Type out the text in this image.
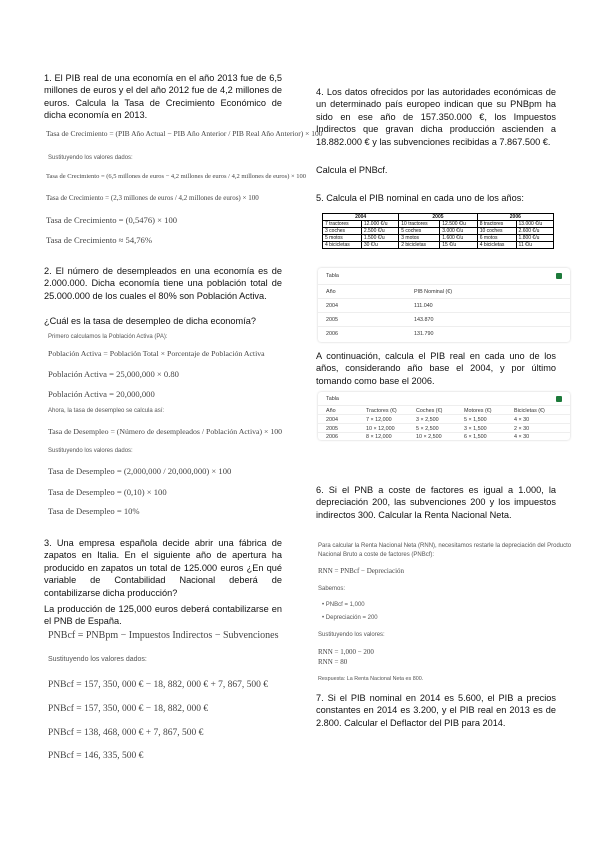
1. El PIB real de una economía en el año 2013 fue de 6,5 millones de euros y el del año 2012 fue de 4,2 millones de euros. Calcula la Tasa de Crecimiento Económico de dicha economía en 2013.
Tasa de Crecimiento = (PIB Año Actual − PIB Año Anterior / PIB Real Año Anterior) × 100
Sustituyendo los valores dados:
Tasa de Crecimiento = (6,5 millones de euros − 4,2 millones de euros / 4,2 millones de euros) × 100
Tasa de Crecimiento = (2,3 millones de euros / 4,2 millones de euros) × 100
Tasa de Crecimiento = (0,5476) × 100
Tasa de Crecimiento ≈ 54,76%
2. El número de desempleados en una economía es de 2.000.000. Dicha economía tiene una población total de 25.000.000 de los cuales el 80% son Población Activa.
¿Cuál es la tasa de desempleo de dicha economía?
Primero calculamos la Población Activa (PA):
Población Activa = Población Total × Porcentaje de Población Activa
Población Activa = 25,000,000 × 0.80
Población Activa = 20,000,000
Ahora, la tasa de desempleo se calcula así:
Tasa de Desempleo = (Número de desempleados / Población Activa) × 100
Sustituyendo los valores dados:
Tasa de Desempleo = (2,000,000 / 20,000,000) × 100
Tasa de Desempleo = (0,10) × 100
Tasa de Desempleo = 10%
3. Una empresa española decide abrir una fábrica de zapatos en Italia. En el siguiente año de apertura ha producido en zapatos un total de 125.000 euros ¿En qué variable de Contabilidad Nacional deberá de contabilizarse dicha producción?
La producción de 125,000 euros deberá contabilizarse en el PNB de España.
PNBcf = PNBpm − Impuestos Indirectos − Subvenciones
Sustituyendo los valores dados:
PNBcf = 157, 350, 000 € − 18, 882, 000 € + 7, 867, 500 €
PNBcf = 157, 350, 000 € − 18, 882, 000 €
PNBcf = 138, 468, 000 € + 7, 867, 500 €
PNBcf = 146, 335, 500 €
4. Los datos ofrecidos por las autoridades económicas de un determinado país europeo indican que su PNBpm ha sido en ese año de 157.350.000 €, los Impuestos Indirectos que gravan dicha producción ascienden a 18.882.000 € y las subvenciones recibidas a 7.867.500 €.
Calcula el PNBcf.
5. Calcula el PIB nominal en cada uno de los años:
2004		2005		2006	
7 tractores	12.000 €/u	10 tractores	12.500 €/u	8 tractores	13.000 €/u
3 coches	2.500 €/u	5 coches	3.000 €/u	10 coches	2.600 €/u
5 motos	1.500 €/u	3 motos	1.600 €/u	6 motos	1.800 €/u
4 bicicletas	30 €/u	2 bicicletas	15 €/u	4 bicicletas	11 €/u
Tabla
Año	PIB Nominal (€)
2004	111.040
2005	143.870
2006	131.790
A continuación, calcula el PIB real en cada uno de los años, considerando año base el 2004, y por último tomando como base el 2006.
Tabla
Año	Tractores (€)	Coches (€)	Motores (€)	Bicicletas (€)
2004	7 × 12,000	3 × 2,500	5 × 1,500	4 × 30
2005	10 × 12,000	5 × 2,500	3 × 1,500	2 × 30
2006	8 × 12,000	10 × 2,500	6 × 1,500	4 × 30
6. Si el PNB a coste de factores es igual a 1.000, la depreciación 200, las subvenciones 200 y los impuestos indirectos 300. Calcular la Renta Nacional Neta.
Para calcular la Renta Nacional Neta (RNN), necesitamos restarle la depreciación del Producto
Nacional Bruto a coste de factores (PNBcf):
RNN = PNBcf − Depreciación
Sabemos:
• PNBcf = 1,000
• Depreciación = 200
Sustituyendo los valores:
RNN = 1,000 − 200
RNN = 80
Respuesta: La Renta Nacional Neta es 800.
7. Si el PIB nominal en 2014 es 5.600, el PIB a precios constantes en 2014 es 3.200, y el PIB real en 2013 es de 2.800. Calcular el Deflactor del PIB para 2014.
